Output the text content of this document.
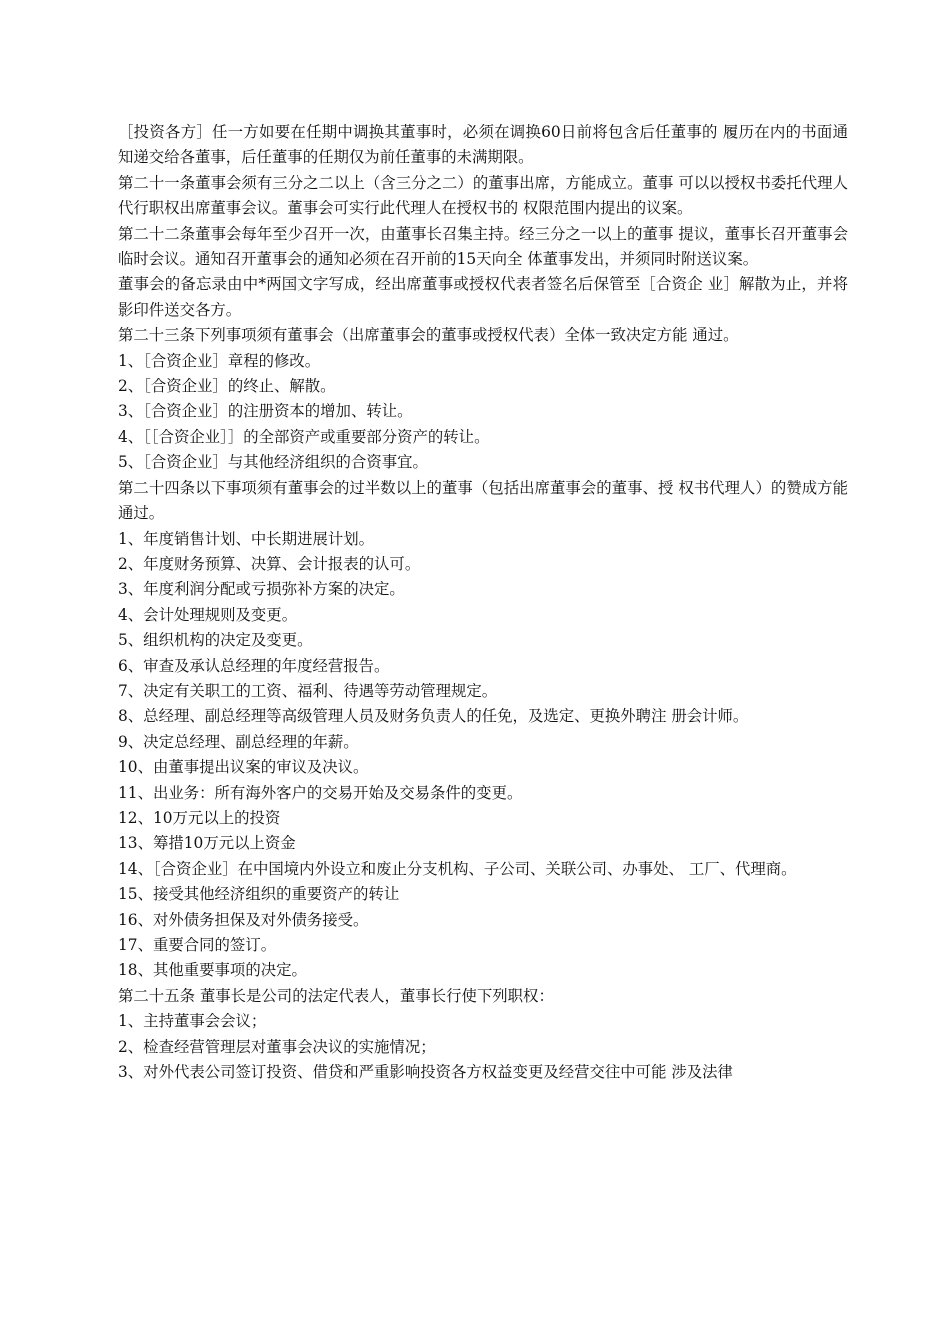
［投资各方］任一方如要在任期中调换其董事时，必须在调换60日前将包含后任董事的 履历在内的书面通知递交给各董事，后任董事的任期仅为前任董事的未满期限。

第二十一条董事会须有三分之二以上（含三分之二）的董事出席，方能成立。董事 可以以授权书委托代理人代行职权出席董事会议。董事会可实行此代理人在授权书的 权限范围内提出的议案。

第二十二条董事会每年至少召开一次，由董事长召集主持。经三分之一以上的董事 提议，董事长召开董事会临时会议。通知召开董事会的通知必须在召开前的15天向全 体董事发出，并须同时附送议案。

董事会的备忘录由中*两国文字写成，经出席董事或授权代表者签名后保管至［合资企 业］解散为止，并将影印件送交各方。

第二十三条下列事项须有董事会（出席董事会的董事或授权代表）全体一致决定方能 通过。

1、［合资企业］章程的修改。

2、［合资企业］的终止、解散。

3、［合资企业］的注册资本的增加、转让。

4、［［合资企业］］的全部资产或重要部分资产的转让。

5、［合资企业］与其他经济组织的合资事宜。

第二十四条以下事项须有董事会的过半数以上的董事（包括出席董事会的董事、授 权书代理人）的赞成方能通过。

1、年度销售计划、中长期进展计划。

2、年度财务预算、决算、会计报表的认可。

3、年度利润分配或亏损弥补方案的决定。

4、会计处理规则及变更。

5、组织机构的决定及变更。

6、审查及承认总经理的年度经营报告。

7、决定有关职工的工资、福利、待遇等劳动管理规定。

8、总经理、副总经理等高级管理人员及财务负责人的任免，及选定、更换外聘注 册会计师。

9、决定总经理、副总经理的年薪。

10、由董事提出议案的审议及决议。

11、出业务：所有海外客户的交易开始及交易条件的变更。

12、10万元以上的投资

13、筹措10万元以上资金

14、［合资企业］在中国境内外设立和废止分支机构、子公司、关联公司、办事处、 工厂、代理商。

15、接受其他经济组织的重要资产的转让

16、对外债务担保及对外债务接受。

17、重要合同的签订。

18、其他重要事项的决定。

第二十五条 董事长是公司的法定代表人，董事长行使下列职权：

1、主持董事会会议；

2、检查经营管理层对董事会决议的实施情况；

3、对外代表公司签订投资、借贷和严重影响投资各方权益变更及经营交往中可能 涉及法律
